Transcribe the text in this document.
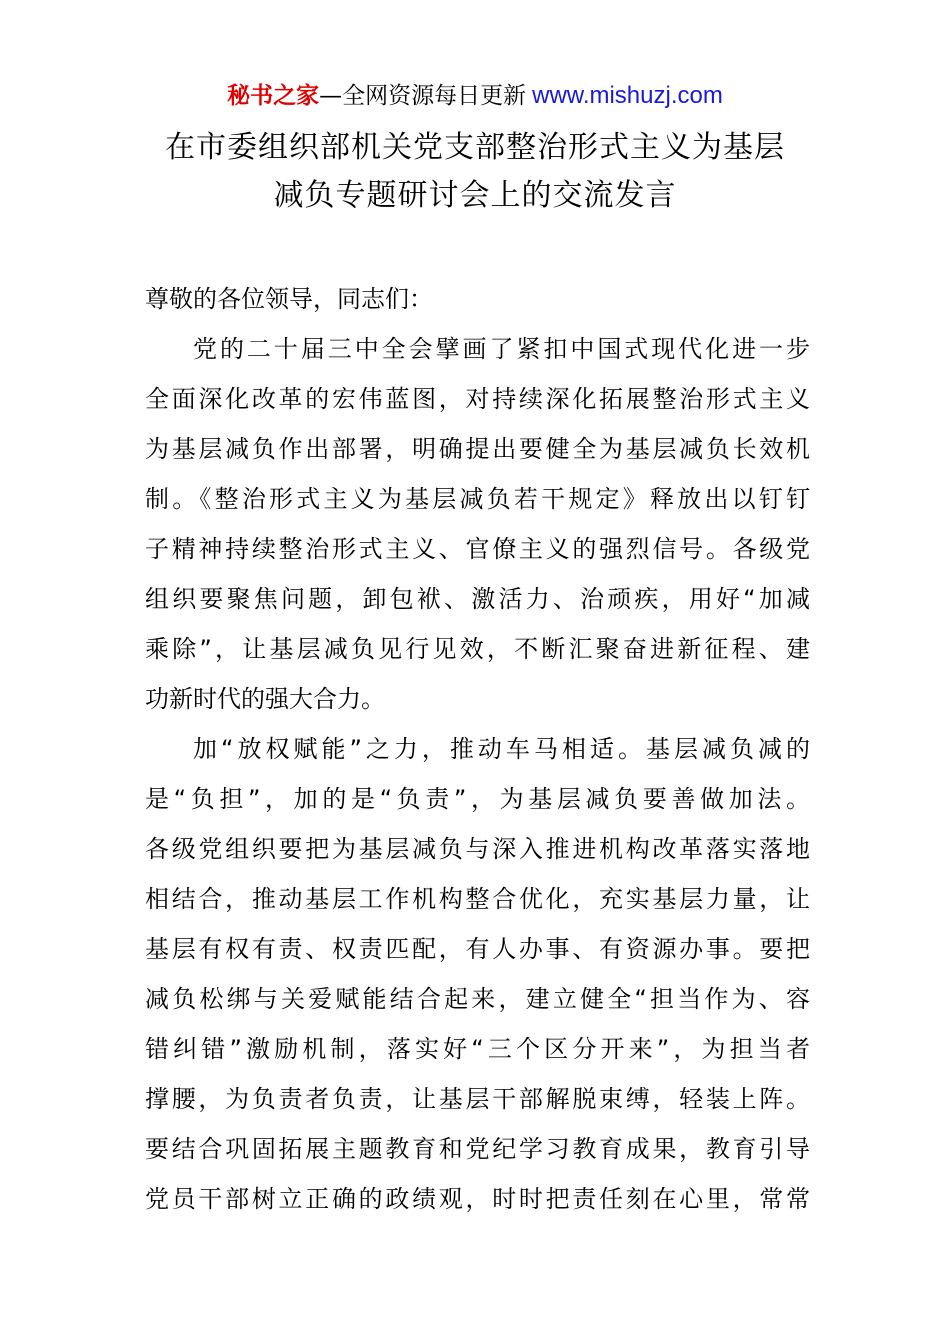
秘书之家—全网资源每日更新 www.mishuzj.com
在市委组织部机关党支部整治形式主义为基层
减负专题研讨会上的交流发言
尊敬的各位领导，同志们：
党的二十届三中全会擘画了紧扣中国式现代化进一步
全面深化改革的宏伟蓝图，对持续深化拓展整治形式主义
为基层减负作出部署，明确提出要健全为基层减负长效机
制。《整治形式主义为基层减负若干规定》释放出以钉钉
子精神持续整治形式主义、官僚主义的强烈信号。各级党
组织要聚焦问题，卸包袱、激活力、治顽疾，用好“加减
乘除”，让基层减负见行见效，不断汇聚奋进新征程、建
功新时代的强大合力。
加“放权赋能”之力，推动车马相适。基层减负减的
是“负担”，加的是“负责”，为基层减负要善做加法。
各级党组织要把为基层减负与深入推进机构改革落实落地
相结合，推动基层工作机构整合优化，充实基层力量，让
基层有权有责、权责匹配，有人办事、有资源办事。要把
减负松绑与关爱赋能结合起来，建立健全“担当作为、容
错纠错”激励机制，落实好“三个区分开来”，为担当者
撑腰，为负责者负责，让基层干部解脱束缚，轻装上阵。
要结合巩固拓展主题教育和党纪学习教育成果，教育引导
党员干部树立正确的政绩观，时时把责任刻在心里，常常
